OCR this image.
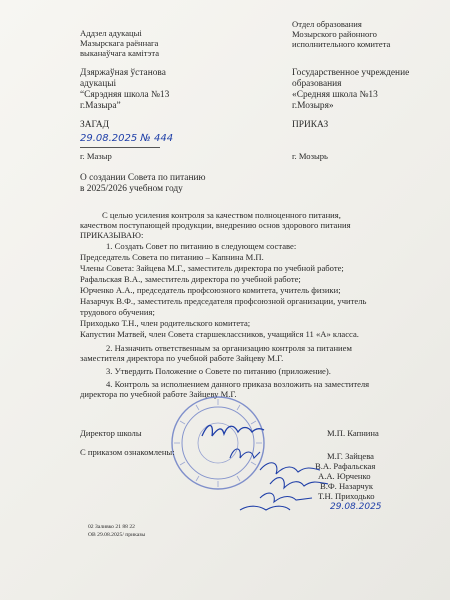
Аддзел адукацыі
Мазырскага раённага
выканаўчага камітэта
Дзяржаўная ўстанова
адукацыі
“Сярэдняя школа №13
г.Мазыра”
ЗАГАД
29.08.2025 № 444
г. Мазыр
Отдел образования
Мозырского районного
исполнительного комитета
Государственное учреждение
образования
«Средняя школа №13
г.Мозыря»
ПРИКАЗ
г. Мозырь
О создании Совета по питанию
в 2025/2026 учебном году
С целью усиления контроля за качеством полноценного питания,
качеством поступающей продукции, внедрению основ здорового питания
ПРИКАЗЫВАЮ:
1. Создать Совет по питанию в следующем составе:
Председатель Совета по питанию – Капнина М.П.
Члены Совета: Зайцева М.Г., заместитель директора по учебной работе;
Рафальская В.А., заместитель директора по учебной работе;
Юрченко А.А., председатель профсоюзного комитета, учитель физики;
Назарчук В.Ф., заместитель председателя профсоюзной организации, учитель
трудового обучения;
Приходько Т.Н., член родительского комитета;
Капустин Матвей, член Совета старшеклассников, учащийся 11 «А» класса.
2. Назначить ответственным за организацию контроля за питанием
заместителя директора по учебной работе Зайцеву М.Г.
3. Утвердить Положение о Совете по питанию (приложение).
4. Контроль за исполнением данного приказа возложить на заместителя
директора по учебной работе Зайцеву М.Г.
Директор школы	М.П. Капнина
С приказом ознакомлены:	М.Г. Зайцева
В.А. Рафальская
А.А. Юрченко
В.Ф. Назарчук
Т.Н. Приходько
29.08.2025
02 Заливко 21 88 22
ОВ 29.08.2025/ приказы
